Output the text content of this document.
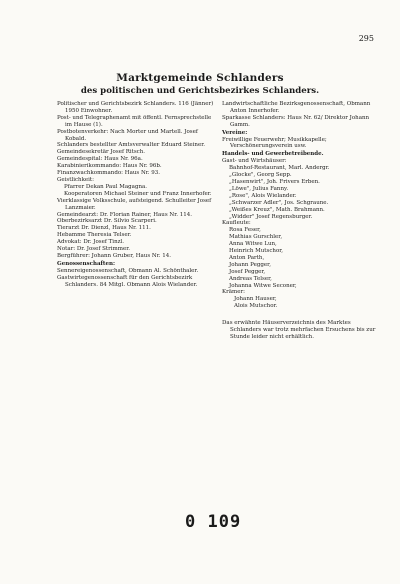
295
Marktgemeinde Schlanders
des politischen und Gerichtsbezirkes Schlanders.
Politischer und Gerichtsbezirk Schlanders. 116 (Jänner) 1950 Einwohner.
Post- und Telegraphenamt mit öffentl. Fernsprechstelle im Hause (1).
Postbotenverkehr: Nach Morter und Martell. Josef Kobald.
Schlanders bestellter Amtsverwalter Eduard Steiner.
Gemeindesekretär Josef Ritsch.
Gemeindespital: Haus Nr. 96a.
Karabinierikommando: Haus Nr. 96b.
Finanzwachkommando: Haus Nr. 93.
Geistlichkeit:
Pfarrer Dekan Paul Magagna.
Kooperatoren Michael Steiner und Franz Innerhofer.
Vierklassige Volksschule, aufsteigend. Schulleiter Josef Lanzmaier.
Gemeindearzt: Dr. Florian Rainer, Haus Nr. 114.
Oberbezirksarzt Dr. Silvio Scarperi.
Tierarzt Dr. Dienzl, Haus Nr. 111.
Hebamme Theresia Telser.
Advokat: Dr. Josef Tinzl.
Notar: Dr. Josef Strimmer.
Bergführer: Johann Gruber, Haus Nr. 14.
Genossenschaften:
Sennereigenossenschaft, Obmann Al. Schönthaler.
Gastwirtegenossenschaft für den Gerichtsbezirk Schlanders. 84 Mitgl. Obmann Alois Wielander.
Landwirtschaftliche Bezirksgenossenschaft, Obmann Anton Innerhofer.
Sparkasse Schlanders: Haus Nr. 62/ Direktor Johann Gamm.
Vereine:
Freiwillige Feuerwehr; Musikkapelle; Verschönerungsverein usw.
Handels- und Gewerbetreibende.
Gast- und Wirtshäuser:
Bahnhof-Restaurant, Marl. Andergr.
„Glocke", Georg Sepp.
„Hasenwirt", Joh. Frivers Erben.
„Löwe", Julius Fanny.
„Rose", Alois Wielander.
„Schwarzer Adler", Jos. Schgraune.
„Weißes Kreuz", Math. Brahmann.
„Widder" Josef Regensburger.
Kaufleute:
Rosa Feser,
Mathias Gurschler,
Anna Witwe Lun,
Heinrich Mutschor,
Anton Parth,
Johann Pegger,
Josef Pegger,
Andreas Telser,
Johanna Witwe Seconer,
Krämer:
Johann Hauser,
Alois Mutschor.
Das erwähnte Häuserverzeichnis des Marktes Schlanders war trotz mehrfachen Ersuchens bis zur Stunde leider nicht erhältlich.
0 109
